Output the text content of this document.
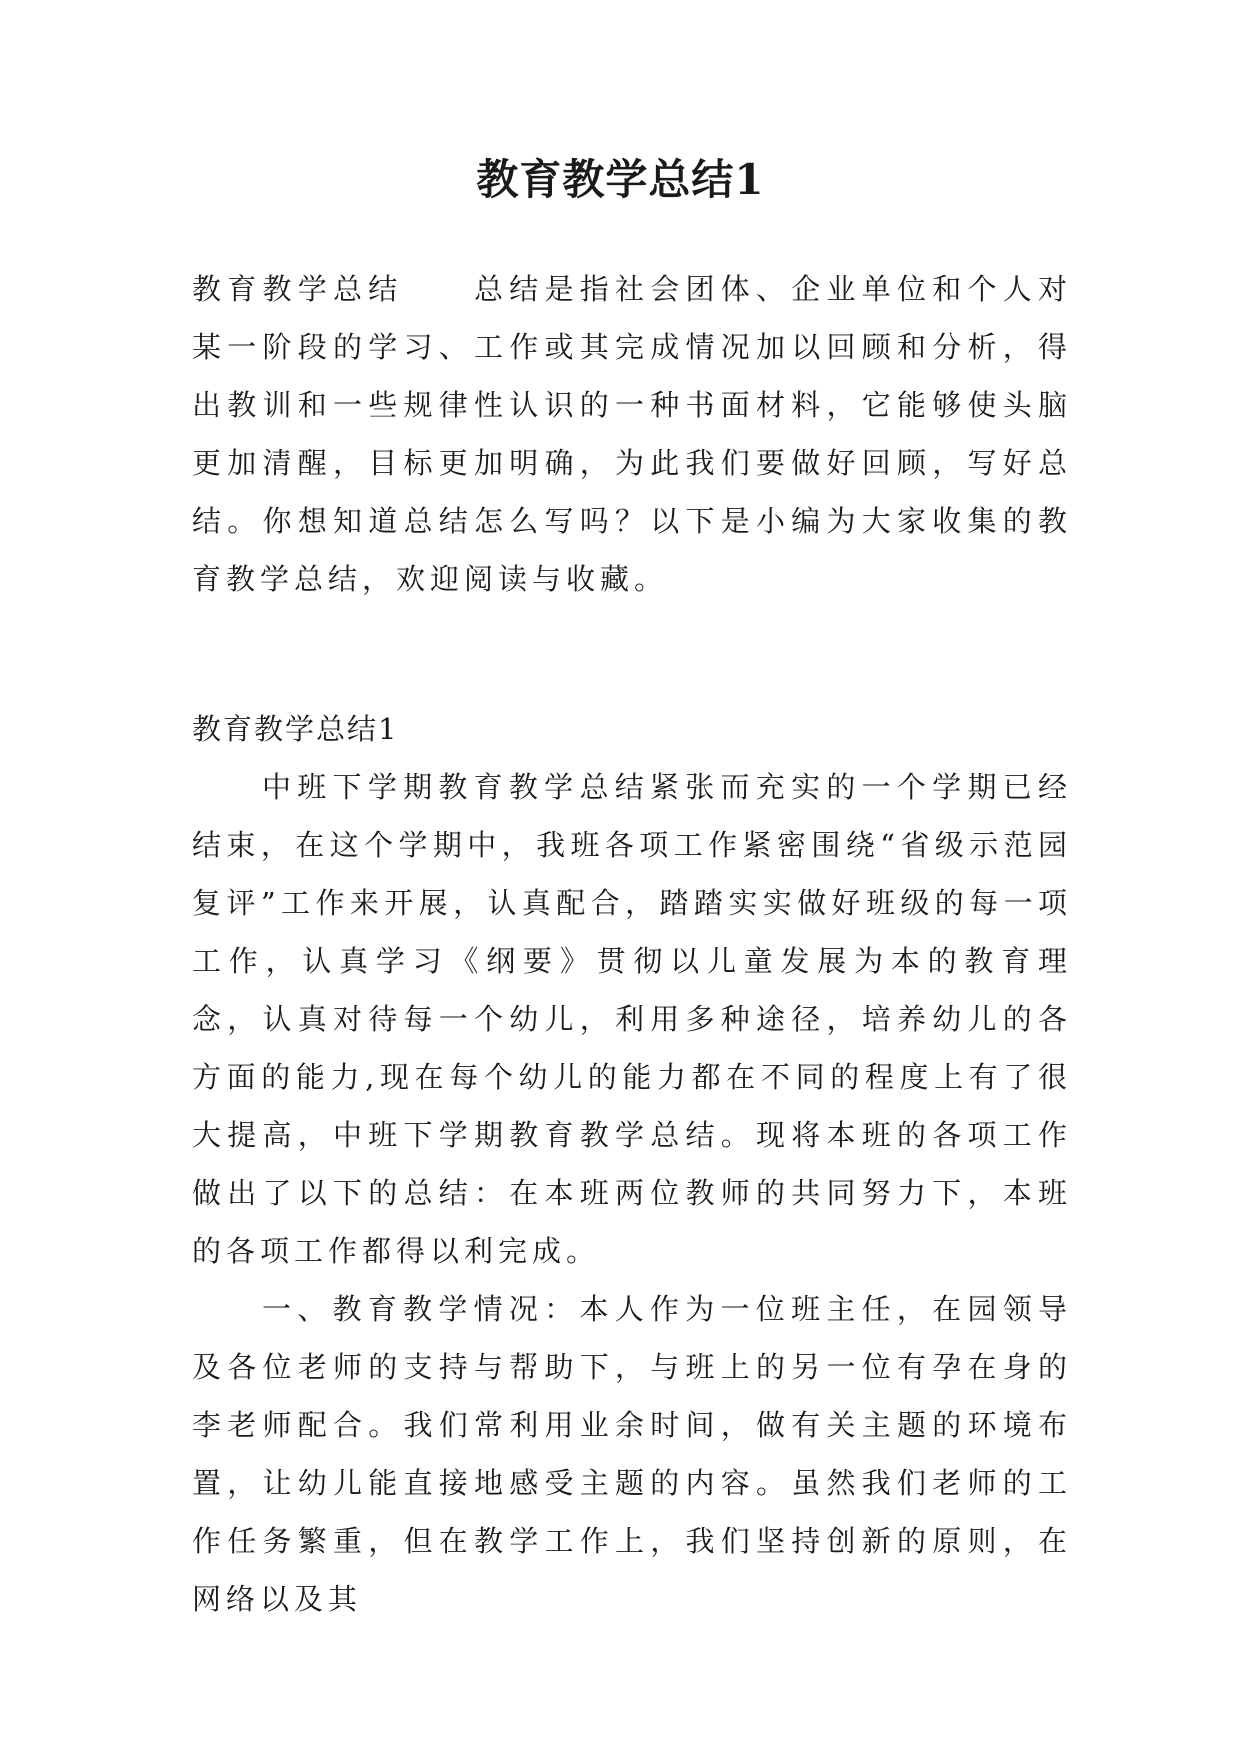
教育教学总结1

教育教学总结　　总结是指社会团体、企业单位和个人对某一阶段的学习、工作或其完成情况加以回顾和分析，得出教训和一些规律性认识的一种书面材料，它能够使头脑更加清醒，目标更加明确，为此我们要做好回顾，写好总结。你想知道总结怎么写吗？以下是小编为大家收集的教育教学总结，欢迎阅读与收藏。

教育教学总结1

中班下学期教育教学总结紧张而充实的一个学期已经结束，在这个学期中，我班各项工作紧密围绕“省级示范园复评”工作来开展，认真配合，踏踏实实做好班级的每一项工作，认真学习《纲要》贯彻以儿童发展为本的教育理念，认真对待每一个幼儿，利用多种途径，培养幼儿的各方面的能力,现在每个幼儿的能力都在不同的程度上有了很大提高，中班下学期教育教学总结。现将本班的各项工作做出了以下的总结：在本班两位教师的共同努力下，本班的各项工作都得以利完成。

一、教育教学情况：本人作为一位班主任，在园领导及各位老师的支持与帮助下，与班上的另一位有孕在身的李老师配合。我们常利用业余时间，做有关主题的环境布置，让幼儿能直接地感受主题的内容。虽然我们老师的工作任务繁重，但在教学工作上，我们坚持创新的原则，在网络以及其
